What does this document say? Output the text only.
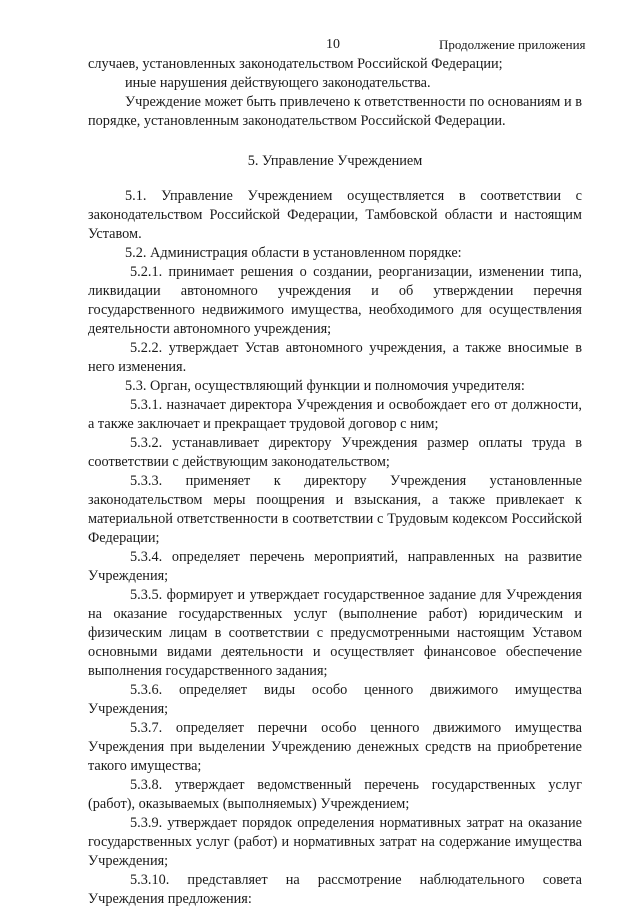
10	Продолжение приложения

случаев, установленных законодательством Российской Федерации;

иные нарушения действующего законодательства.

Учреждение может быть привлечено к ответственности по основаниям и в порядке, установленным законодательством Российской Федерации.

5. Управление Учреждением

5.1. Управление Учреждением осуществляется в соответствии с законодательством Российской Федерации, Тамбовской области и настоящим Уставом.

5.2. Администрация области в установленном порядке:

5.2.1. принимает решения о создании, реорганизации, изменении типа, ликвидации автономного учреждения и об утверждении перечня государственного недвижимого имущества, необходимого для осуществления деятельности автономного учреждения;

5.2.2. утверждает Устав автономного учреждения, а также вносимые в него изменения.

5.3. Орган, осуществляющий функции и полномочия учредителя:

5.3.1. назначает директора Учреждения и освобождает его от должности, а также заключает и прекращает трудовой договор с ним;

5.3.2. устанавливает директору Учреждения размер оплаты труда в соответствии с действующим законодательством;

5.3.3. применяет к директору Учреждения установленные законодательством меры поощрения и взыскания, а также привлекает к материальной ответственности в соответствии с Трудовым кодексом Российской Федерации;

5.3.4. определяет перечень мероприятий, направленных на развитие Учреждения;

5.3.5. формирует и утверждает государственное задание для Учреждения на оказание государственных услуг (выполнение работ) юридическим и физическим лицам в соответствии с предусмотренными настоящим Уставом основными видами деятельности и осуществляет финансовое обеспечение выполнения государственного задания;

5.3.6. определяет виды особо ценного движимого имущества Учреждения;

5.3.7. определяет перечни особо ценного движимого имущества Учреждения при выделении Учреждению денежных средств на приобретение такого имущества;

5.3.8. утверждает ведомственный перечень государственных услуг (работ), оказываемых (выполняемых) Учреждением;

5.3.9. утверждает порядок определения нормативных затрат на оказание государственных услуг (работ) и нормативных затрат на содержание имущества Учреждения;

5.3.10. представляет на рассмотрение наблюдательного совета Учреждения предложения:
